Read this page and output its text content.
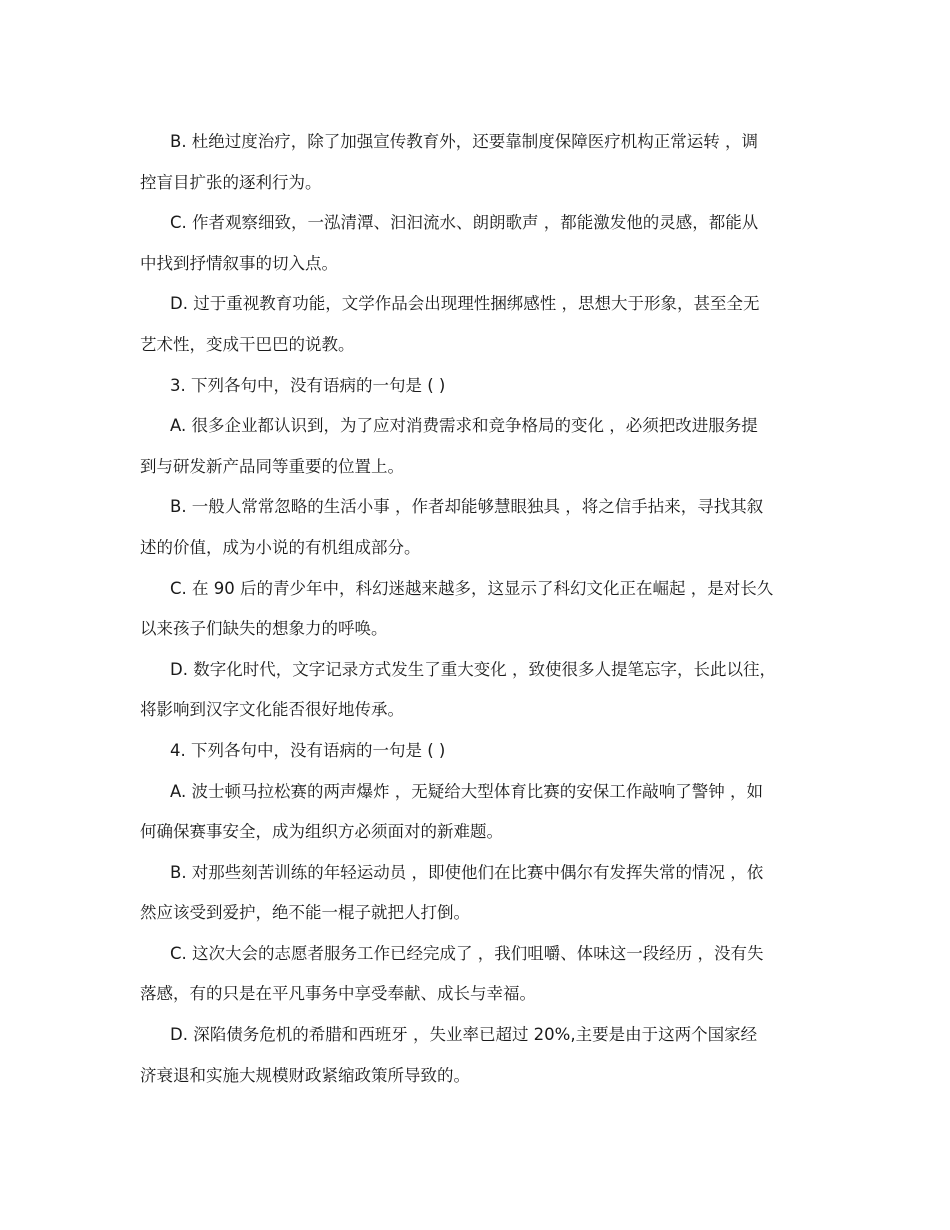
B. 杜绝过度治疗，除了加强宣传教育外，还要靠制度保障医疗机构正常运转 ，调
控盲目扩张的逐利行为。
C. 作者观察细致，一泓清潭、汩汩流水、朗朗歌声 ，都能激发他的灵感，都能从
中找到抒情叙事的切入点。
D. 过于重视教育功能，文学作品会出现理性捆绑感性 ，思想大于形象，甚至全无
艺术性，变成干巴巴的说教。
3. 下列各句中，没有语病的一句是 ( )
A. 很多企业都认识到，为了应对消费需求和竞争格局的变化 ，必须把改进服务提
到与研发新产品同等重要的位置上。
B. 一般人常常忽略的生活小事 ，作者却能够慧眼独具 ，将之信手拈来，寻找其叙
述的价值，成为小说的有机组成部分。
C. 在 90 后的青少年中，科幻迷越来越多，这显示了科幻文化正在崛起 ，是对长久
以来孩子们缺失的想象力的呼唤。
D. 数字化时代，文字记录方式发生了重大变化 ，致使很多人提笔忘字，长此以往，
将影响到汉字文化能否很好地传承。
4. 下列各句中，没有语病的一句是 ( )
A. 波士顿马拉松赛的两声爆炸 ，无疑给大型体育比赛的安保工作敲响了警钟 ，如
何确保赛事安全，成为组织方必须面对的新难题。
B. 对那些刻苦训练的年轻运动员 ，即使他们在比赛中偶尔有发挥失常的情况 ，依
然应该受到爱护，绝不能一棍子就把人打倒。
C. 这次大会的志愿者服务工作已经完成了 ，我们咀嚼、体味这一段经历 ，没有失
落感，有的只是在平凡事务中享受奉献、成长与幸福。
D. 深陷债务危机的希腊和西班牙 ，失业率已超过 20%,主要是由于这两个国家经
济衰退和实施大规模财政紧缩政策所导致的。
